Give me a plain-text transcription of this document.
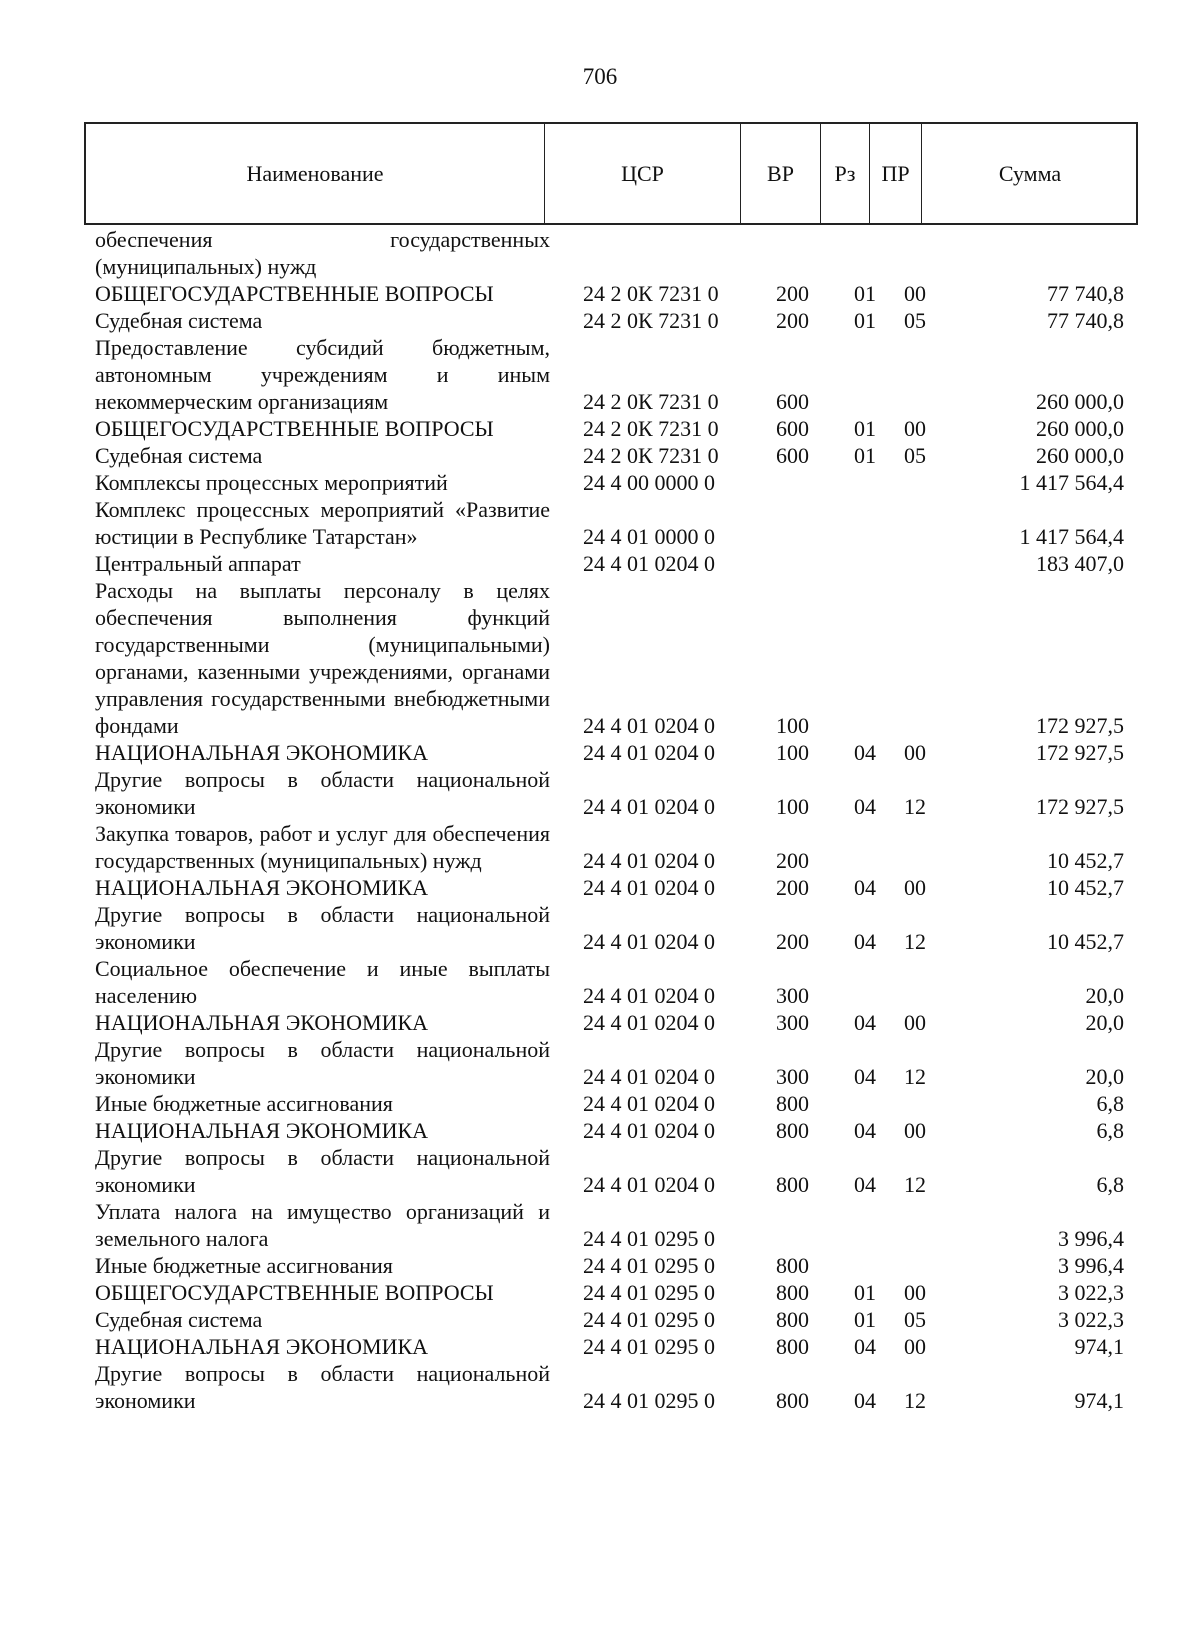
706
Наименование	ЦСР	ВР	Рз	ПР	Сумма
обеспечения государственных (муниципальных) нужд
ОБЩЕГОСУДАРСТВЕННЫЕ ВОПРОСЫ	24 2 0К 7231 0	200 01 00	77 740,8
Судебная система	24 2 0К 7231 0	200 01 05	77 740,8
Предоставление субсидий бюджетным, автономным учреждениям и иным некоммерческим организациям	24 2 0К 7231 0	600	260 000,0
ОБЩЕГОСУДАРСТВЕННЫЕ ВОПРОСЫ	24 2 0К 7231 0	600 01 00	260 000,0
Судебная система	24 2 0К 7231 0	600 01 05	260 000,0
Комплексы процессных мероприятий	24 4 00 0000 0	1 417 564,4
Комплекс процессных мероприятий «Развитие юстиции в Республике Татарстан»	24 4 01 0000 0	1 417 564,4
Центральный аппарат	24 4 01 0204 0	183 407,0
Расходы на выплаты персоналу в целях обеспечения выполнения функций государственными (муниципальными) органами, казенными учреждениями, органами управления государственными внебюджетными фондами	24 4 01 0204 0	100	172 927,5
НАЦИОНАЛЬНАЯ ЭКОНОМИКА	24 4 01 0204 0	100 04 00	172 927,5
Другие вопросы в области национальной экономики	24 4 01 0204 0	100 04 12	172 927,5
Закупка товаров, работ и услуг для обеспечения государственных (муниципальных) нужд	24 4 01 0204 0	200	10 452,7
НАЦИОНАЛЬНАЯ ЭКОНОМИКА	24 4 01 0204 0	200 04 00	10 452,7
Другие вопросы в области национальной экономики	24 4 01 0204 0	200 04 12	10 452,7
Социальное обеспечение и иные выплаты населению	24 4 01 0204 0	300	20,0
НАЦИОНАЛЬНАЯ ЭКОНОМИКА	24 4 01 0204 0	300 04 00	20,0
Другие вопросы в области национальной экономики	24 4 01 0204 0	300 04 12	20,0
Иные бюджетные ассигнования	24 4 01 0204 0	800	6,8
НАЦИОНАЛЬНАЯ ЭКОНОМИКА	24 4 01 0204 0	800 04 00	6,8
Другие вопросы в области национальной экономики	24 4 01 0204 0	800 04 12	6,8
Уплата налога на имущество организаций и земельного налога	24 4 01 0295 0	3 996,4
Иные бюджетные ассигнования	24 4 01 0295 0	800	3 996,4
ОБЩЕГОСУДАРСТВЕННЫЕ ВОПРОСЫ	24 4 01 0295 0	800 01 00	3 022,3
Судебная система	24 4 01 0295 0	800 01 05	3 022,3
НАЦИОНАЛЬНАЯ ЭКОНОМИКА	24 4 01 0295 0	800 04 00	974,1
Другие вопросы в области национальной экономики	24 4 01 0295 0	800 04 12	974,1
